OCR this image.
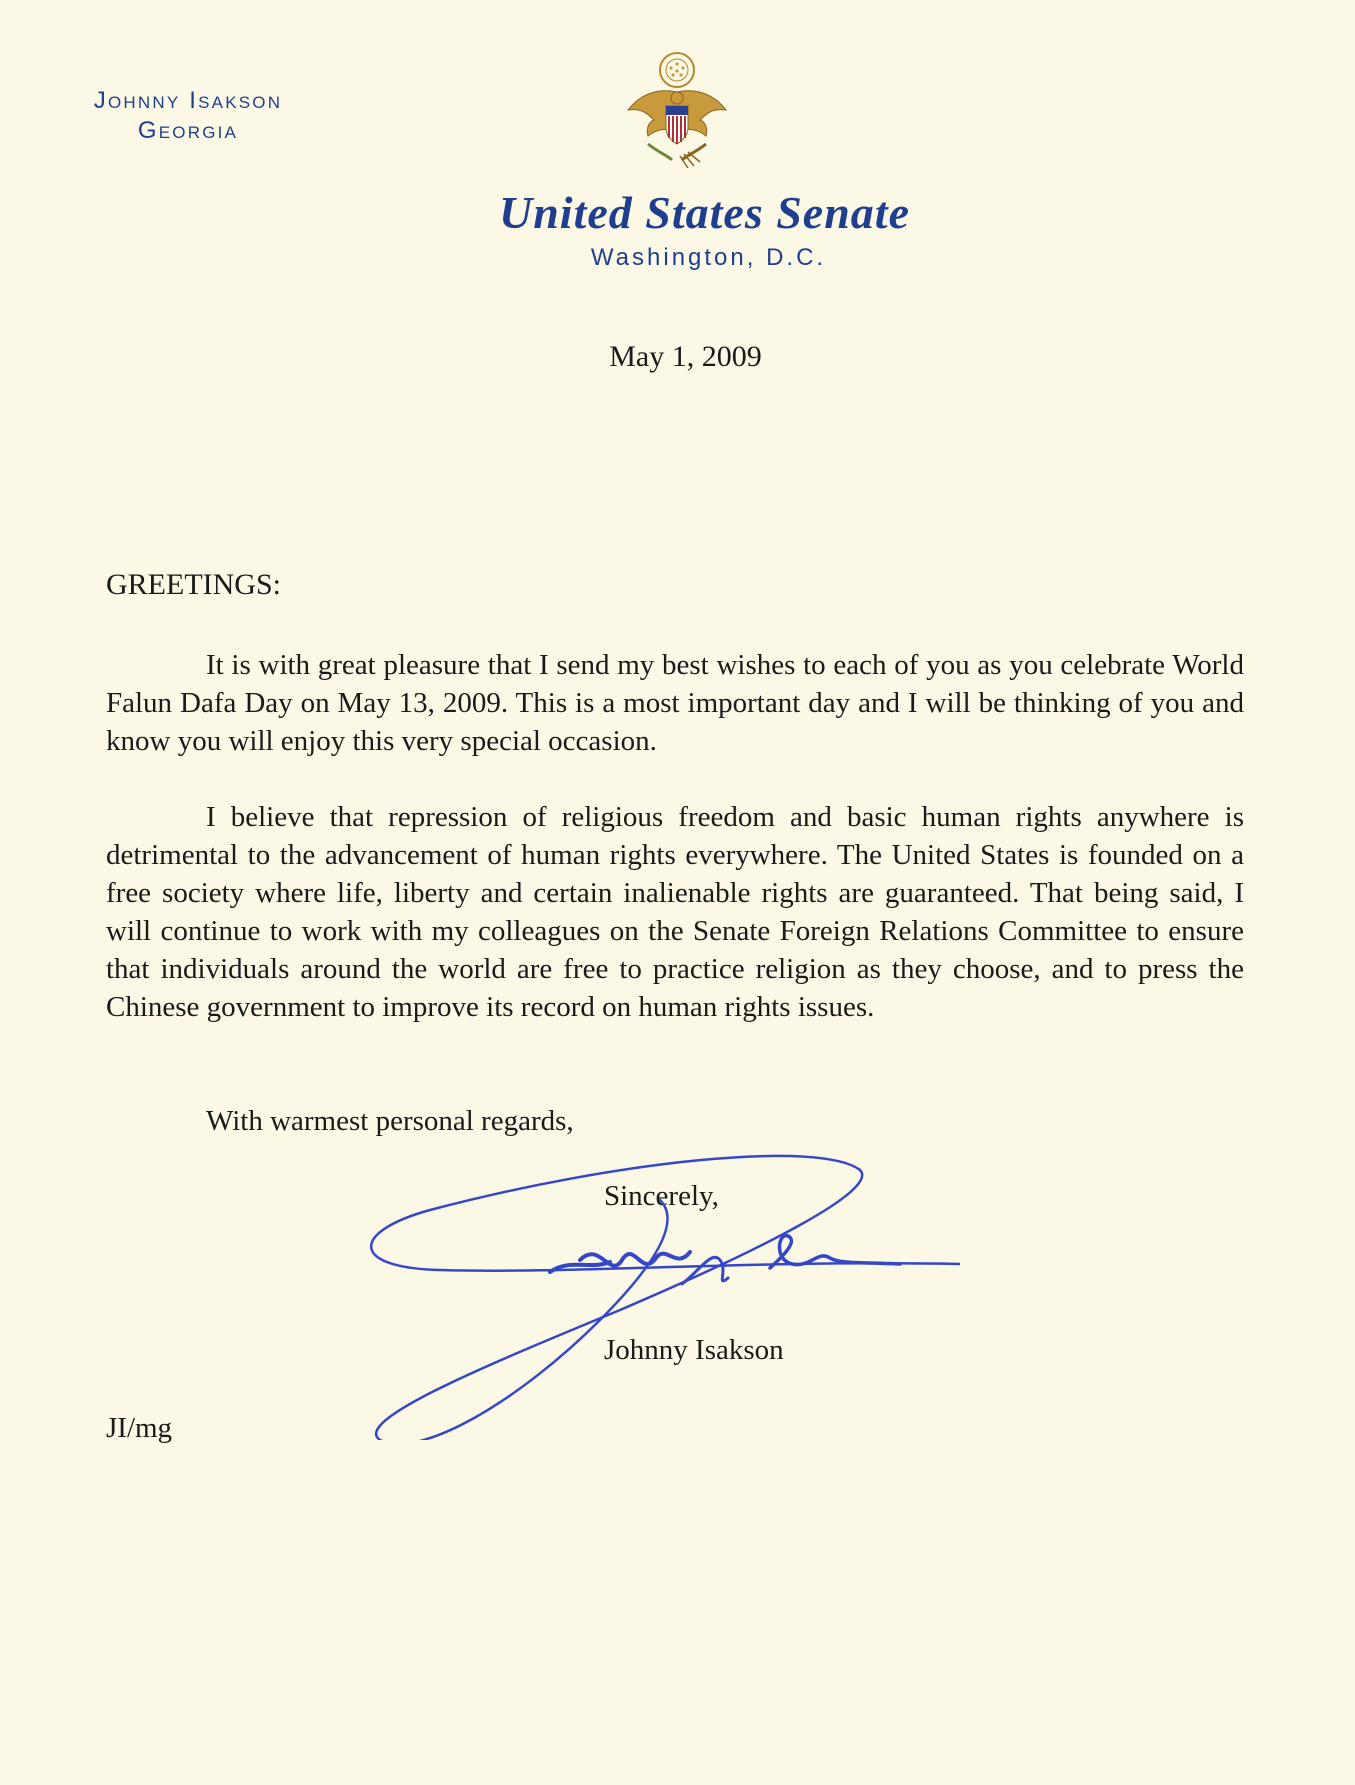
Johnny Isakson
Georgia
United States Senate
Washington, D.C.
May 1, 2009
GREETINGS:

It is with great pleasure that I send my best wishes to each of you as you celebrate World Falun Dafa Day on May 13, 2009. This is a most important day and I will be thinking of you and know you will enjoy this very special occasion.

I believe that repression of religious freedom and basic human rights anywhere is detrimental to the advancement of human rights everywhere. The United States is founded on a free society where life, liberty and certain inalienable rights are guaranteed. That being said, I will continue to work with my colleagues on the Senate Foreign Relations Committee to ensure that individuals around the world are free to practice religion as they choose, and to press the Chinese government to improve its record on human rights issues.

With warmest personal regards,
Sincerely,
Johnny Isakson
JI/mg
